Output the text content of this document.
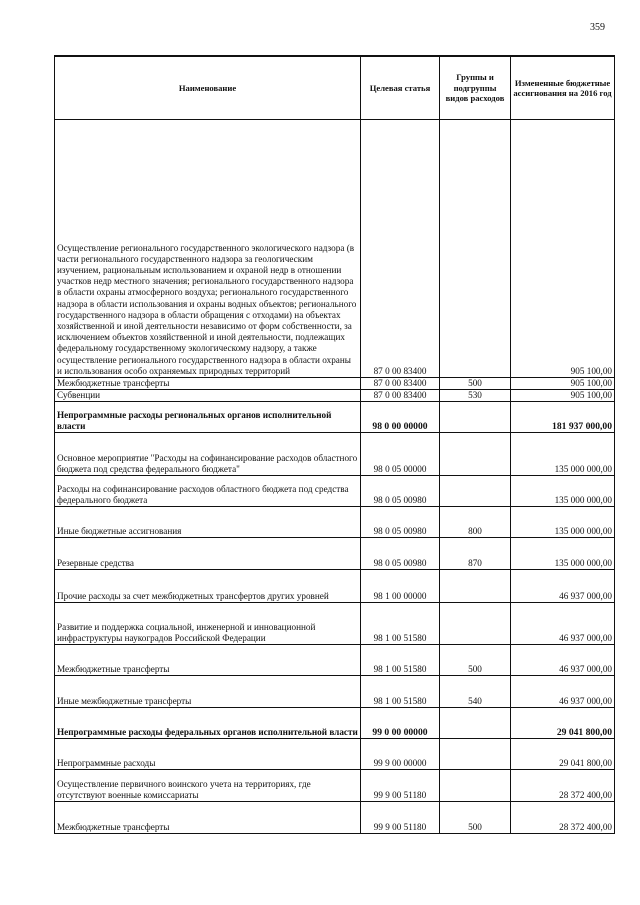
359
Наименование	Целевая статья	Группы и подгруппы видов расходов	Измененные бюджетные ассигнования на 2016 год
Осуществление регионального государственного экологического надзора (в части регионального государственного надзора за геологическим изучением, рациональным использованием и охраной недр в отношении участков недр местного значения; регионального государственного надзора в области охраны атмосферного воздуха; регионального государственного надзора в области использования и охраны водных объектов; регионального государственного надзора в области обращения с отходами) на объектах хозяйственной и иной деятельности независимо от форм собственности, за исключением объектов хозяйственной и иной деятельности, подлежащих федеральному государственному экологическому надзору, а также осуществление регионального государственного надзора в области охраны и использования особо охраняемых природных территорий	87 0 00 83400		905 100,00
Межбюджетные трансферты	87 0 00 83400	500	905 100,00
Субвенции	87 0 00 83400	530	905 100,00
Непрограммные расходы региональных органов исполнительной власти	98 0 00 00000		181 937 000,00
Основное мероприятие "Расходы на софинансирование расходов областного бюджета под средства федерального бюджета"	98 0 05 00000		135 000 000,00
Расходы на софинансирование расходов областного бюджета под средства федерального бюджета	98 0 05 00980		135 000 000,00
Иные бюджетные ассигнования	98 0 05 00980	800	135 000 000,00
Резервные средства	98 0 05 00980	870	135 000 000,00
Прочие расходы за счет межбюджетных трансфертов других уровней	98 1 00 00000		46 937 000,00
Развитие и поддержка социальной, инженерной и инновационной инфраструктуры наукоградов Российской Федерации	98 1 00 51580		46 937 000,00
Межбюджетные трансферты	98 1 00 51580	500	46 937 000,00
Иные межбюджетные трансферты	98 1 00 51580	540	46 937 000,00
Непрограммные расходы федеральных органов исполнительной власти	99 0 00 00000		29 041 800,00
Непрограммные расходы	99 9 00 00000		29 041 800,00
Осуществление первичного воинского учета на территориях, где отсутствуют военные комиссариаты	99 9 00 51180		28 372 400,00
Межбюджетные трансферты	99 9 00 51180	500	28 372 400,00
